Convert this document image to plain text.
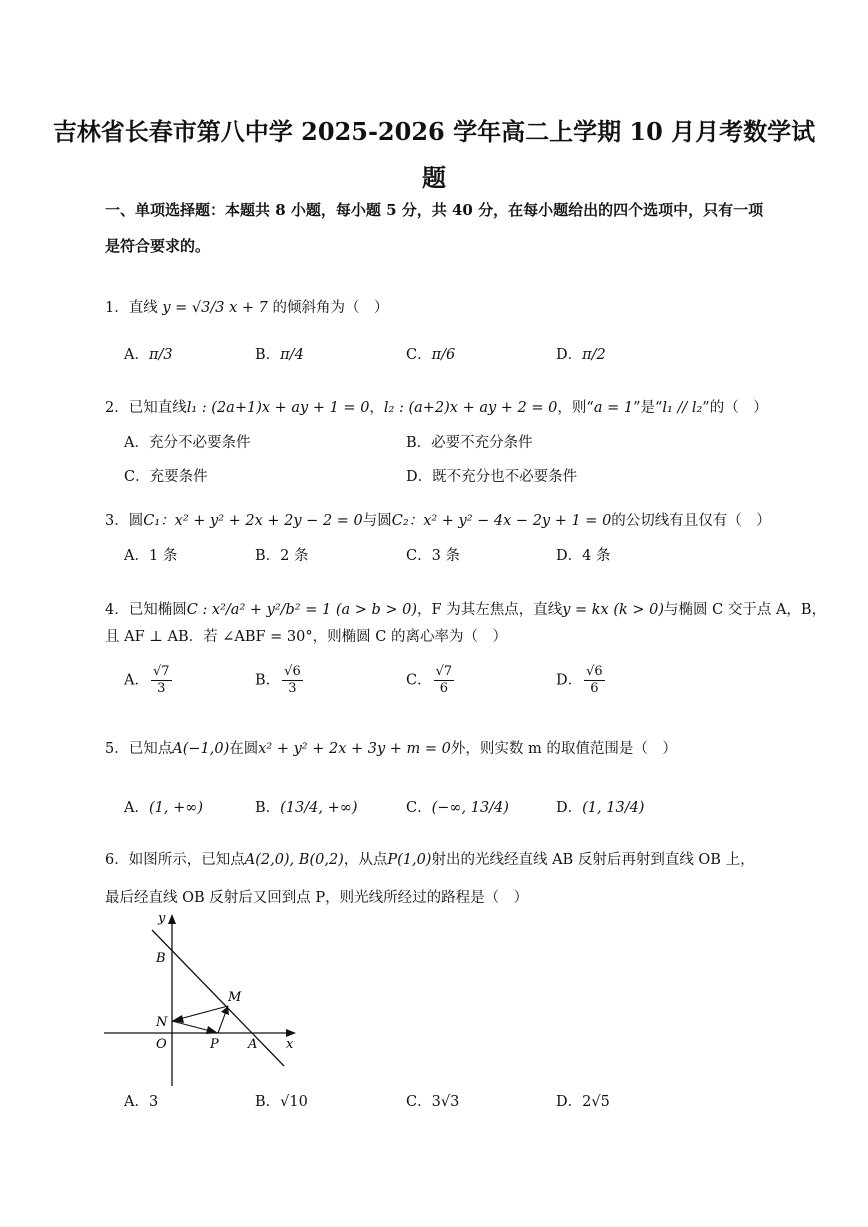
吉林省长春市第八中学 2025-2026 学年高二上学期 10 月月考数学试
题
一、单项选择题：本题共 8 小题，每小题 5 分，共 40 分，在每小题给出的四个选项中，只有一项是符合要求的。
1．直线 y = √3/3 x + 7 的倾斜角为（　）
A．π/3	B．π/4	C．π/6	D．π/2
2．已知直线l₁ : (2a+1)x + ay + 1 = 0，l₂ : (a+2)x + ay + 2 = 0，则“a = 1”是“l₁ // l₂”的（　）
A．充分不必要条件	B．必要不充分条件
C．充要条件	D．既不充分也不必要条件
3．圆C₁：x² + y² + 2x + 2y − 2 = 0与圆C₂：x² + y² − 4x − 2y + 1 = 0的公切线有且仅有（　）
A．1 条	B．2 条	C．3 条	D．4 条
4．已知椭圆C : x²/a² + y²/b² = 1 (a > b > 0)，F 为其左焦点，直线y = kx (k > 0)与椭圆 C 交于点 A，B，
且 AF ⊥ AB．若 ∠ABF = 30°，则椭圆 C 的离心率为（　）
A． $\frac{√7}{3}$	B． $\frac{√6}{3}$	C． $\frac{√7}{6}$	D． $\frac{√6}{6}$
5．已知点A(−1,0)在圆x² + y² + 2x + 3y + m = 0外，则实数 m 的取值范围是（　）
A．(1, +∞)	B．(13/4, +∞)	C．(−∞, 13/4)	D．(1, 13/4)
6．如图所示，已知点A(2,0), B(0,2)，从点P(1,0)射出的光线经直线 AB 反射后再射到直线 OB 上，
最后经直线 OB 反射后又回到点 P，则光线所经过的路程是（　）
y
x
B
M
N
O	P A
A．3	B．√10	C．3√3	D．2√5
